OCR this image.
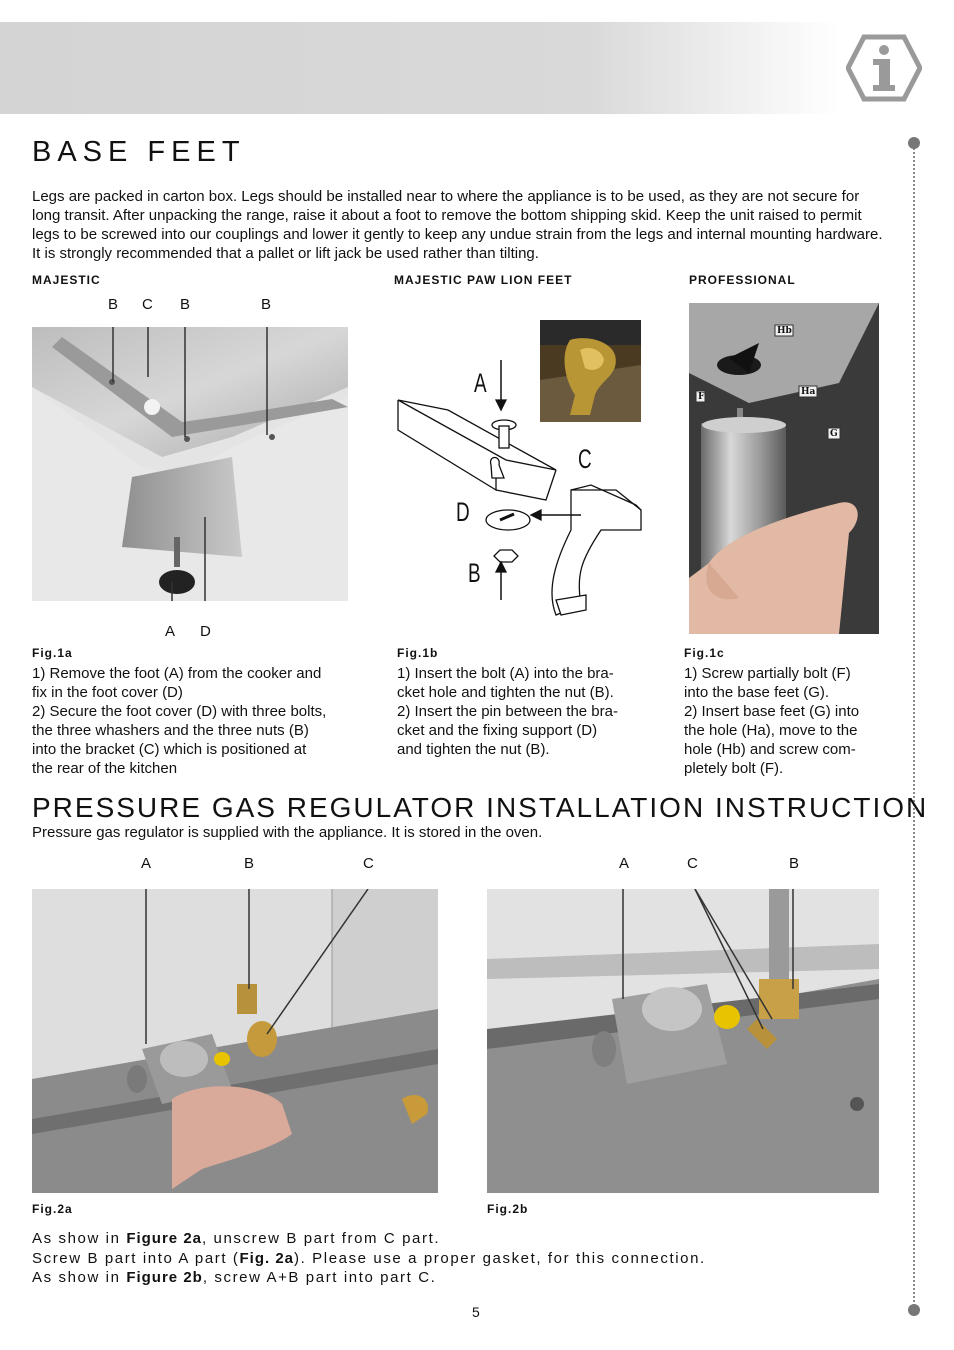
BASE FEET
Legs are packed in carton box. Legs should be installed near to where the appliance is to be used, as they are not secure for long transit. After unpacking the range, raise it about a foot to remove the bottom shipping skid. Keep the unit raised to permit legs to be screwed into our couplings and lower it gently to keep any undue strain from the legs and internal mounting hardware. It is strongly recommended that a pallet or lift jack be used rather than tilting.
MAJESTIC	MAJESTIC PAW LION FEET	PROFESSIONAL
B C B	B
A D
Fig.1a
1) Remove the foot (A) from the cooker and
fix in the foot cover (D)
2) Secure the foot cover (D) with three bolts,
the three whashers and the three nuts (B)
into the bracket (C) which is positioned at
the rear of the kitchen
A
C
D
B
Fig.1b
1) Insert the bolt (A) into the bra-
cket hole and tighten the nut (B).
2) Insert the pin between the bra-
cket and the fixing support (D)
and tighten the nut (B).
Hb
Ha
F
G
Fig.1c
1) Screw partially bolt (F)
into the base feet (G).
2) Insert base feet (G) into
the hole (Ha), move to the
hole (Hb) and screw com-
pletely bolt (F).
PRESSURE GAS REGULATOR INSTALLATION INSTRUCTION
Pressure gas regulator is supplied with the appliance. It is stored in the oven.
A	B	C
Fig.2a
A	C	B
Fig.2b
As show in Figure 2a, unscrew B part from C part.
Screw B part into A part (Fig. 2a). Please use a proper gasket, for this connection.
As show in Figure 2b, screw A+B part into part C.
5
